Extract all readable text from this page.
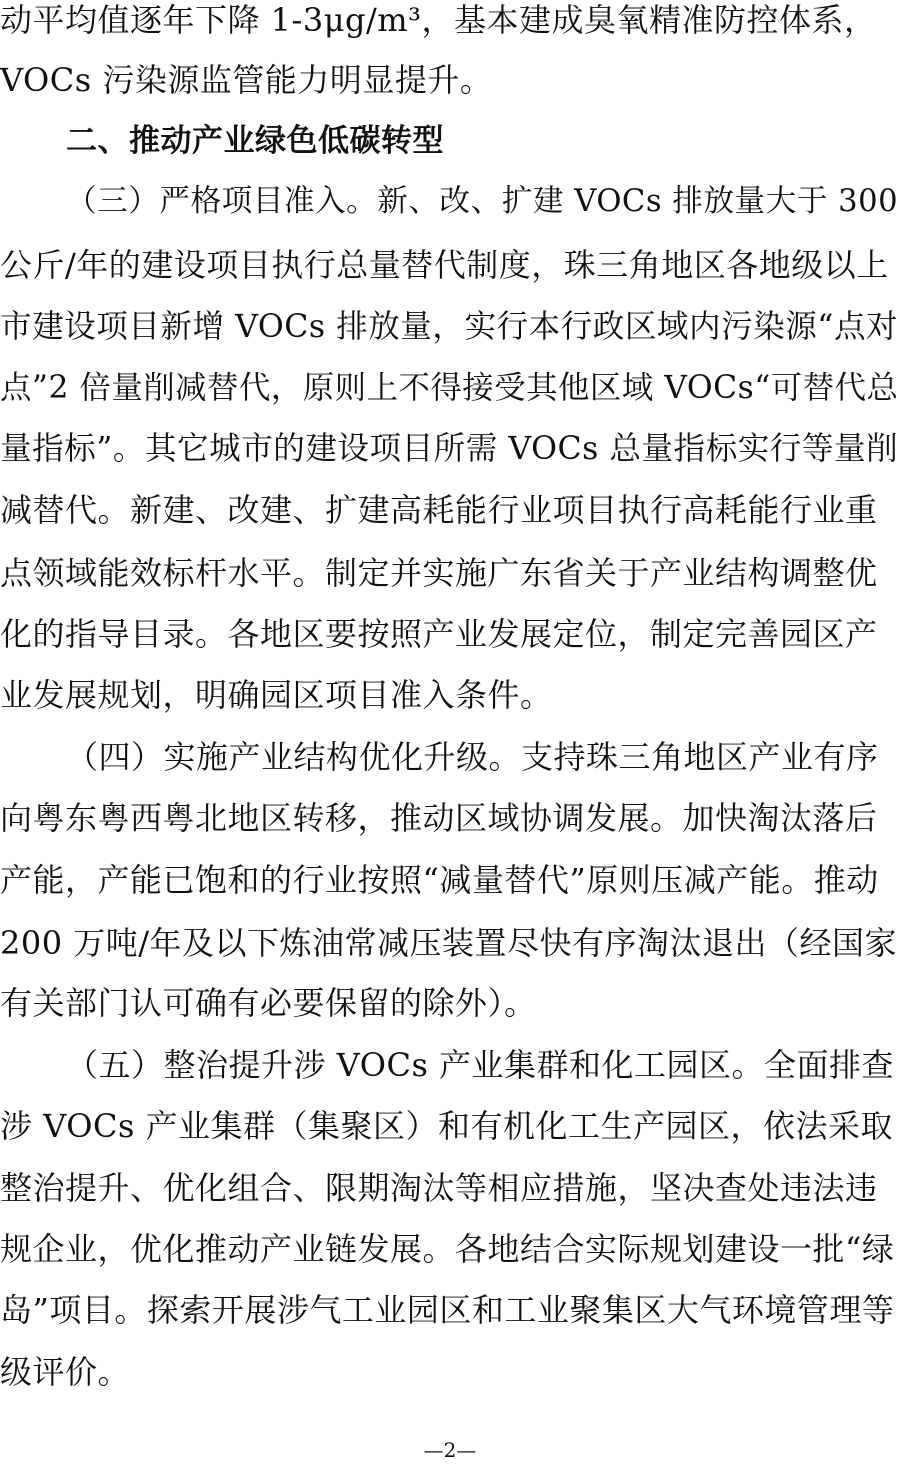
动平均值逐年下降 1-3μg/m³，基本建成臭氧精准防控体系，
VOCs 污染源监管能力明显提升。
二、推动产业绿色低碳转型
（三）严格项目准入。新、改、扩建 VOCs 排放量大于 300
公斤/年的建设项目执行总量替代制度，珠三角地区各地级以上
市建设项目新增 VOCs 排放量，实行本行政区域内污染源“点对
点”2 倍量削减替代，原则上不得接受其他区域 VOCs“可替代总
量指标”。其它城市的建设项目所需 VOCs 总量指标实行等量削
减替代。新建、改建、扩建高耗能行业项目执行高耗能行业重
点领域能效标杆水平。制定并实施广东省关于产业结构调整优
化的指导目录。各地区要按照产业发展定位，制定完善园区产
业发展规划，明确园区项目准入条件。
（四）实施产业结构优化升级。支持珠三角地区产业有序
向粤东粤西粤北地区转移，推动区域协调发展。加快淘汰落后
产能，产能已饱和的行业按照“减量替代”原则压减产能。推动
200 万吨/年及以下炼油常减压装置尽快有序淘汰退出（经国家
有关部门认可确有必要保留的除外）。
（五）整治提升涉 VOCs 产业集群和化工园区。全面排查
涉 VOCs 产业集群（集聚区）和有机化工生产园区，依法采取
整治提升、优化组合、限期淘汰等相应措施，坚决查处违法违
规企业，优化推动产业链发展。各地结合实际规划建设一批“绿
岛”项目。探索开展涉气工业园区和工业聚集区大气环境管理等
级评价。
—2—
